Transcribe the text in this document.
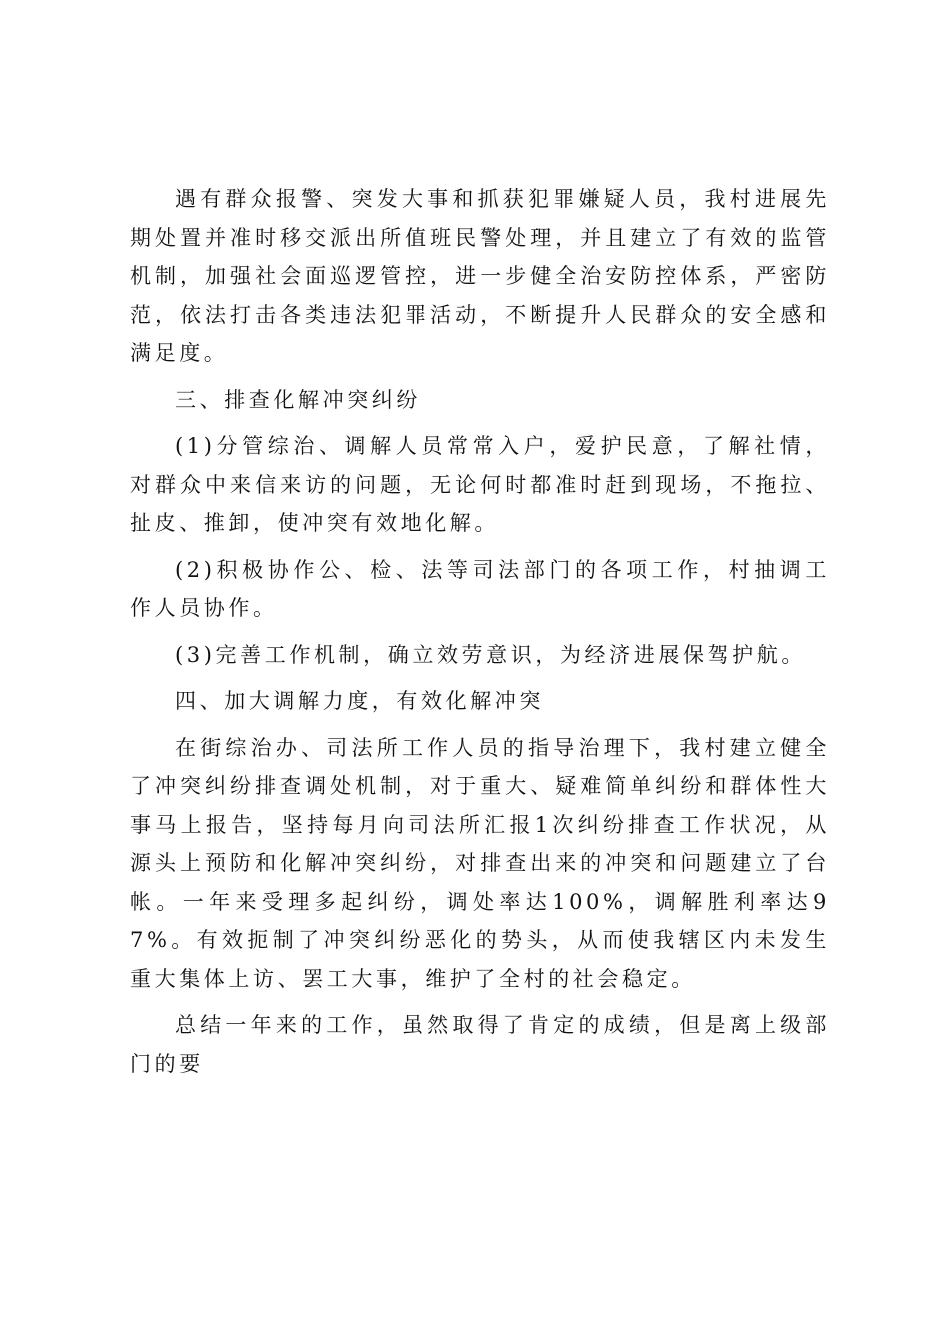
遇有群众报警、突发大事和抓获犯罪嫌疑人员，我村进展先期处置并准时移交派出所值班民警处理，并且建立了有效的监管机制，加强社会面巡逻管控，进一步健全治安防控体系，严密防范，依法打击各类违法犯罪活动，不断提升人民群众的安全感和满足度。

三、排查化解冲突纠纷

(1)分管综治、调解人员常常入户，爱护民意，了解社情，对群众中来信来访的问题，无论何时都准时赶到现场，不拖拉、扯皮、推卸，使冲突有效地化解。

(2)积极协作公、检、法等司法部门的各项工作，村抽调工作人员协作。

(3)完善工作机制，确立效劳意识，为经济进展保驾护航。

四、加大调解力度，有效化解冲突

在街综治办、司法所工作人员的指导治理下，我村建立健全了冲突纠纷排查调处机制，对于重大、疑难简单纠纷和群体性大事马上报告，坚持每月向司法所汇报1次纠纷排查工作状况，从源头上预防和化解冲突纠纷，对排查出来的冲突和问题建立了台帐。一年来受理多起纠纷，调处率达100%，调解胜利率达97%。有效扼制了冲突纠纷恶化的势头，从而使我辖区内未发生重大集体上访、罢工大事，维护了全村的社会稳定。

总结一年来的工作，虽然取得了肯定的成绩，但是离上级部门的要
